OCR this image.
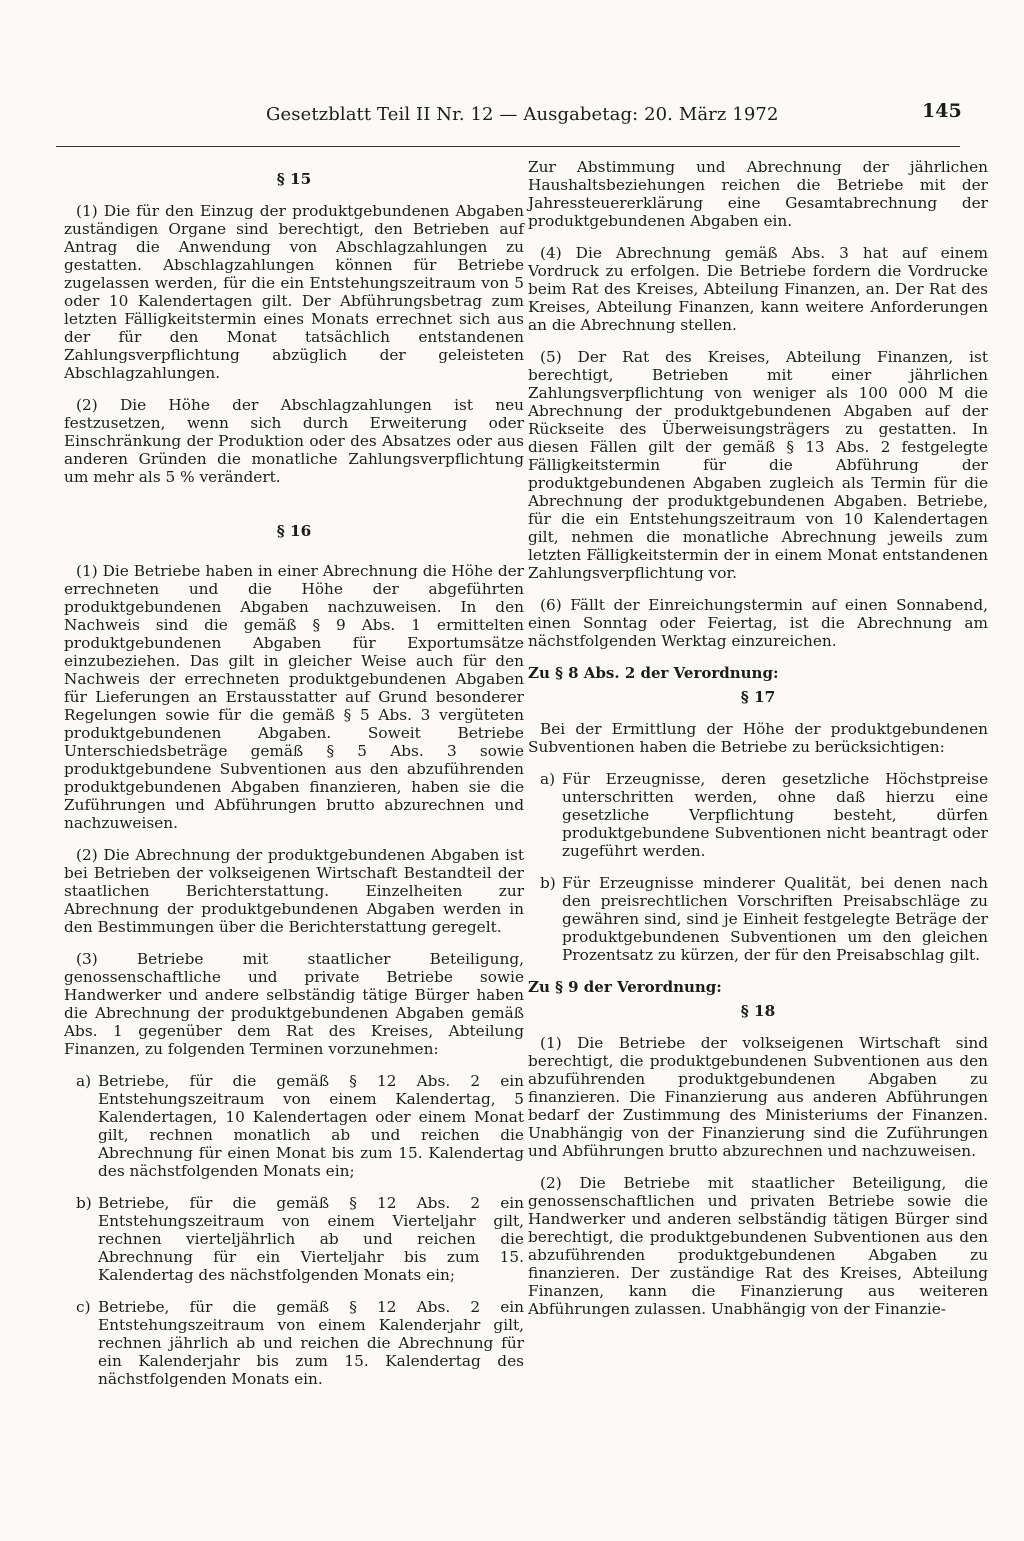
Gesetzblatt Teil II Nr. 12 — Ausgabetag: 20. März 1972	145
§ 15

(1) Die für den Einzug der produktgebundenen Abgaben zuständigen Organe sind berechtigt, den Betrieben auf Antrag die Anwendung von Abschlagzahlungen zu gestatten. Abschlagzahlungen können für Betriebe zugelassen werden, für die ein Entstehungszeitraum von 5 oder 10 Kalendertagen gilt. Der Abführungsbetrag zum letzten Fälligkeitstermin eines Monats errechnet sich aus der für den Monat tatsächlich entstandenen Zahlungsverpflichtung abzüglich der geleisteten Abschlagzahlungen.

(2) Die Höhe der Abschlagzahlungen ist neu festzusetzen, wenn sich durch Erweiterung oder Einschränkung der Produktion oder des Absatzes oder aus anderen Gründen die monatliche Zahlungsverpflichtung um mehr als 5 % verändert.

§ 16

(1) Die Betriebe haben in einer Abrechnung die Höhe der errechneten und die Höhe der abgeführten produktgebundenen Abgaben nachzuweisen. In den Nachweis sind die gemäß § 9 Abs. 1 ermittelten produktgebundenen Abgaben für Exportumsätze einzubeziehen. Das gilt in gleicher Weise auch für den Nachweis der errechneten produktgebundenen Abgaben für Lieferungen an Erstausstatter auf Grund besonderer Regelungen sowie für die gemäß § 5 Abs. 3 vergüteten produktgebundenen Abgaben. Soweit Betriebe Unterschiedsbeträge gemäß § 5 Abs. 3 sowie produktgebundene Subventionen aus den abzuführenden produktgebundenen Abgaben finanzieren, haben sie die Zuführungen und Abführungen brutto abzurechnen und nachzuweisen.

(2) Die Abrechnung der produktgebundenen Abgaben ist bei Betrieben der volkseigenen Wirtschaft Bestandteil der staatlichen Berichterstattung. Einzelheiten zur Abrechnung der produktgebundenen Abgaben werden in den Bestimmungen über die Berichterstattung geregelt.

(3) Betriebe mit staatlicher Beteiligung, genossenschaftliche und private Betriebe sowie Handwerker und andere selbständig tätige Bürger haben die Abrechnung der produktgebundenen Abgaben gemäß Abs. 1 gegenüber dem Rat des Kreises, Abteilung Finanzen, zu folgenden Terminen vorzunehmen:

a) Betriebe, für die gemäß § 12 Abs. 2 ein Entstehungszeitraum von einem Kalendertag, 5 Kalendertagen, 10 Kalendertagen oder einem Monat gilt, rechnen monatlich ab und reichen die Abrechnung für einen Monat bis zum 15. Kalendertag des nächstfolgenden Monats ein;
b) Betriebe, für die gemäß § 12 Abs. 2 ein Entstehungszeitraum von einem Vierteljahr gilt, rechnen vierteljährlich ab und reichen die Abrechnung für ein Vierteljahr bis zum 15. Kalendertag des nächstfolgenden Monats ein;
c) Betriebe, für die gemäß § 12 Abs. 2 ein Entstehungszeitraum von einem Kalenderjahr gilt, rechnen jährlich ab und reichen die Abrechnung für ein Kalenderjahr bis zum 15. Kalendertag des nächstfolgenden Monats ein.

Zur Abstimmung und Abrechnung der jährlichen Haushaltsbeziehungen reichen die Betriebe mit der Jahressteuererklärung eine Gesamtabrechnung der produktgebundenen Abgaben ein.

(4) Die Abrechnung gemäß Abs. 3 hat auf einem Vordruck zu erfolgen. Die Betriebe fordern die Vordrucke beim Rat des Kreises, Abteilung Finanzen, an. Der Rat des Kreises, Abteilung Finanzen, kann weitere Anforderungen an die Abrechnung stellen.

(5) Der Rat des Kreises, Abteilung Finanzen, ist berechtigt, Betrieben mit einer jährlichen Zahlungsverpflichtung von weniger als 100 000 M die Abrechnung der produktgebundenen Abgaben auf der Rückseite des Überweisungsträgers zu gestatten. In diesen Fällen gilt der gemäß § 13 Abs. 2 festgelegte Fälligkeitstermin für die Abführung der produktgebundenen Abgaben zugleich als Termin für die Abrechnung der produktgebundenen Abgaben. Betriebe, für die ein Entstehungszeitraum von 10 Kalendertagen gilt, nehmen die monatliche Abrechnung jeweils zum letzten Fälligkeitstermin der in einem Monat entstandenen Zahlungsverpflichtung vor.

(6) Fällt der Einreichungstermin auf einen Sonnabend, einen Sonntag oder Feiertag, ist die Abrechnung am nächstfolgenden Werktag einzureichen.

Zu § 8 Abs. 2 der Verordnung:
§ 17

Bei der Ermittlung der Höhe der produktgebundenen Subventionen haben die Betriebe zu berücksichtigen:

a) Für Erzeugnisse, deren gesetzliche Höchstpreise unterschritten werden, ohne daß hierzu eine gesetzliche Verpflichtung besteht, dürfen produktgebundene Subventionen nicht beantragt oder zugeführt werden.
b) Für Erzeugnisse minderer Qualität, bei denen nach den preisrechtlichen Vorschriften Preisabschläge zu gewähren sind, sind je Einheit festgelegte Beträge der produktgebundenen Subventionen um den gleichen Prozentsatz zu kürzen, der für den Preisabschlag gilt.
Zu § 9 der Verordnung:
§ 18

(1) Die Betriebe der volkseigenen Wirtschaft sind berechtigt, die produktgebundenen Subventionen aus den abzuführenden produktgebundenen Abgaben zu finanzieren. Die Finanzierung aus anderen Abführungen bedarf der Zustimmung des Ministeriums der Finanzen. Unabhängig von der Finanzierung sind die Zuführungen und Abführungen brutto abzurechnen und nachzuweisen.

(2) Die Betriebe mit staatlicher Beteiligung, die genossenschaftlichen und privaten Betriebe sowie die Handwerker und anderen selbständig tätigen Bürger sind berechtigt, die produktgebundenen Subventionen aus den abzuführenden produktgebundenen Abgaben zu finanzieren. Der zuständige Rat des Kreises, Abteilung Finanzen, kann die Finanzierung aus weiteren Abführungen zulassen. Unabhängig von der Finanzie-
